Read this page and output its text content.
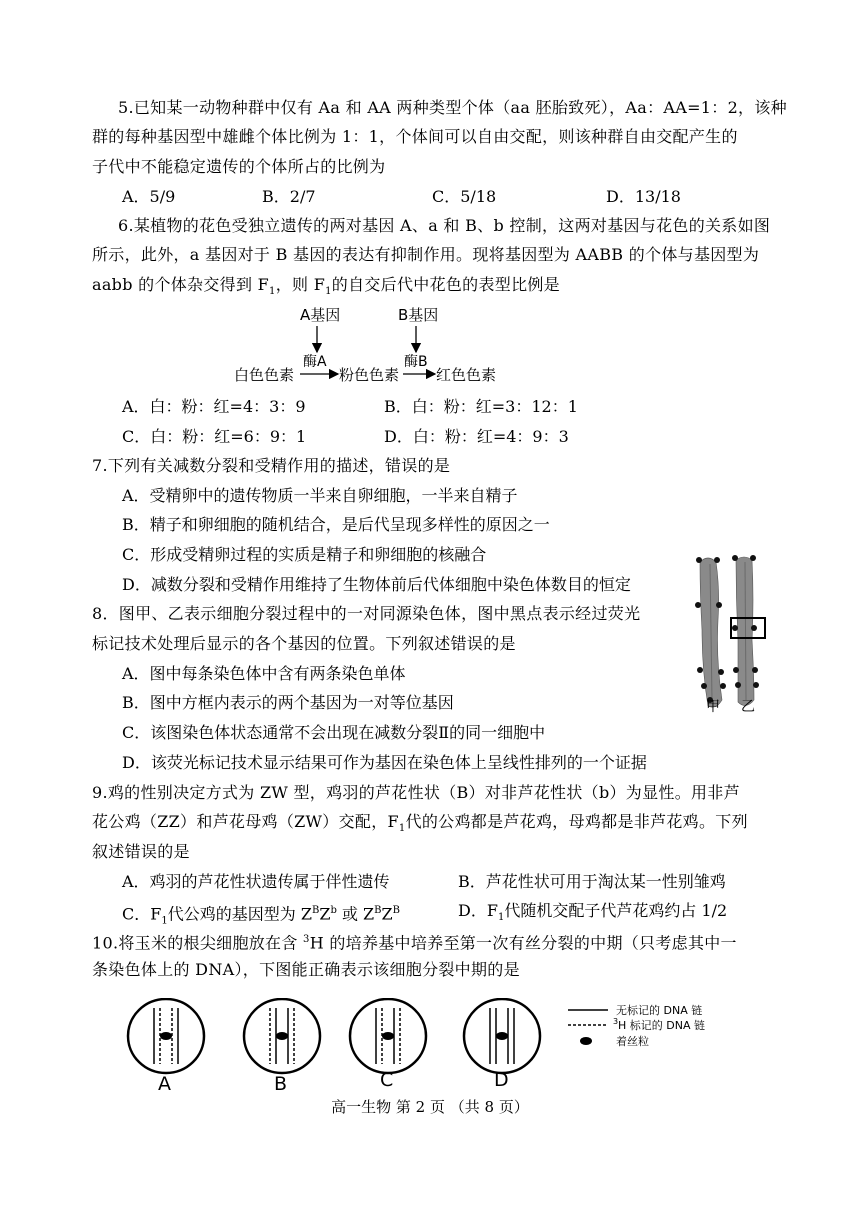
5.已知某一动物种群中仅有 Aa 和 AA 两种类型个体（aa 胚胎致死），Aa：AA=1：2，该种
群的每种基因型中雄雌个体比例为 1：1，个体间可以自由交配，则该种群自由交配产生的
子代中不能稳定遗传的个体所占的比例为
A．5/9	B．2/7	C．5/18	D．13/18
6.某植物的花色受独立遗传的两对基因 A、a 和 B、b 控制，这两对基因与花色的关系如图
所示，此外，a 基因对于 B 基因的表达有抑制作用。现将基因型为 AABB 的个体与基因型为
aabb 的个体杂交得到 $F_1$，则 $F_1$的自交后代中花色的表型比例是
A基因	B基因
酶A	酶B
白色色素	粉色色素 红色色素
A．白：粉：红=4：3：9	B．白：粉：红=3：12：1
C．白：粉：红=6：9：1	D．白：粉：红=4：9：3
7.下列有关减数分裂和受精作用的描述，错误的是
A．受精卵中的遗传物质一半来自卵细胞，一半来自精子
B．精子和卵细胞的随机结合，是后代呈现多样性的原因之一
C．形成受精卵过程的实质是精子和卵细胞的核融合
D．减数分裂和受精作用维持了生物体前后代体细胞中染色体数目的恒定
8．图甲、乙表示细胞分裂过程中的一对同源染色体，图中黑点表示经过荧光
标记技术处理后显示的各个基因的位置。下列叙述错误的是
A．图中每条染色体中含有两条染色单体
B．图中方框内表示的两个基因为一对等位基因
C．该图染色体状态通常不会出现在减数分裂Ⅱ的同一细胞中
D．该荧光标记技术显示结果可作为基因在染色体上呈线性排列的一个证据
甲 乙
9.鸡的性别决定方式为 ZW 型，鸡羽的芦花性状（B）对非芦花性状（b）为显性。用非芦
花公鸡（ZZ）和芦花母鸡（ZW）交配，$F_1$代的公鸡都是芦花鸡，母鸡都是非芦花鸡。下列
叙述错误的是
A．鸡羽的芦花性状遗传属于伴性遗传	B．芦花性状可用于淘汰某一性别雏鸡
C．$F_1$代公鸡的基因型为 $Z^BZ^b$ 或 $Z^BZ^B$	D．$F_1$代随机交配子代芦花鸡约占 1/2
10.将玉米的根尖细胞放在含 $^3$H 的培养基中培养至第一次有丝分裂的中期（只考虑其中一
条染色体上的 DNA），下图能正确表示该细胞分裂中期的是
A	B	C	D
无标记的 DNA 链
3 H 标记的 DNA 链
着丝粒
高一生物 第 2 页 （共 8 页）
